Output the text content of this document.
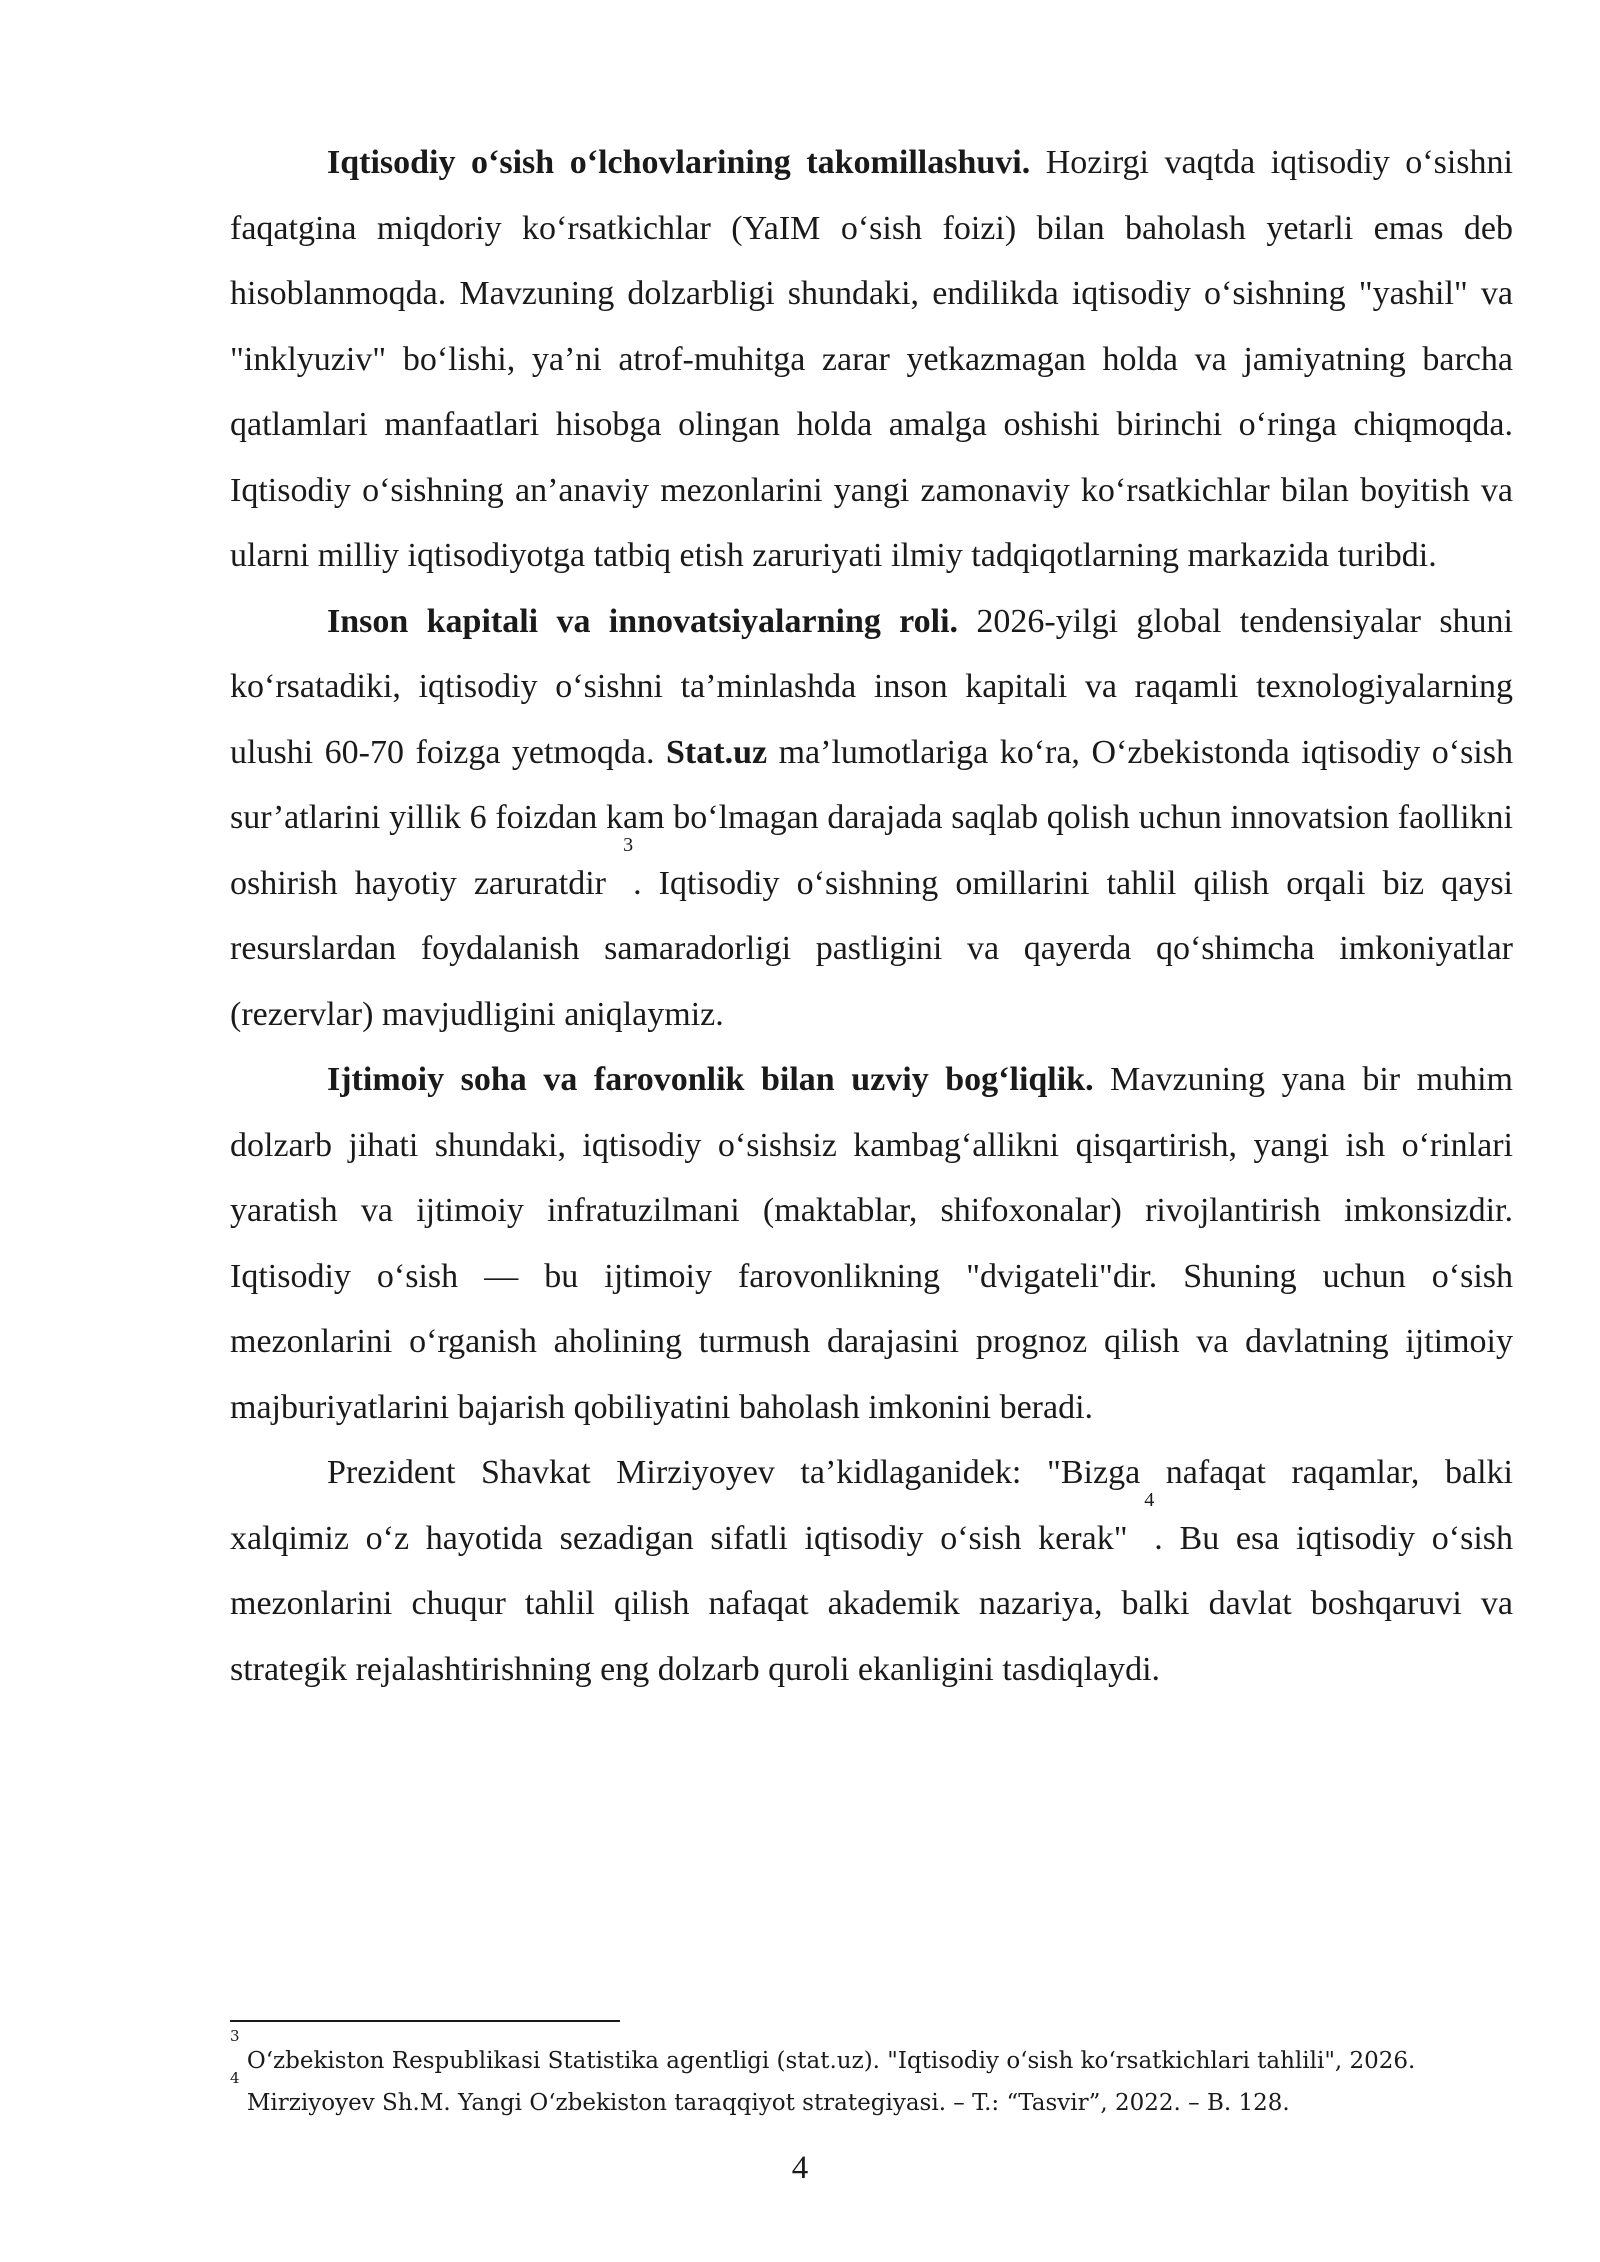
Iqtisodiy oʻsish oʻlchovlarining takomillashuvi. Hozirgi vaqtda iqtisodiy oʻsishni faqatgina miqdoriy koʻrsatkichlar (YaIM oʻsish foizi) bilan baholash yetarli emas deb hisoblanmoqda. Mavzuning dolzarbligi shundaki, endilikda iqtisodiy oʻsishning "yashil" va "inklyuziv" boʻlishi, ya’ni atrof-muhitga zarar yetkazmagan holda va jamiyatning barcha qatlamlari manfaatlari hisobga olingan holda amalga oshishi birinchi oʻringa chiqmoqda. Iqtisodiy oʻsishning an’anaviy mezonlarini yangi zamonaviy koʻrsatkichlar bilan boyitish va ularni milliy iqtisodiyotga tatbiq etish zaruriyati ilmiy tadqiqotlarning markazida turibdi.

Inson kapitali va innovatsiyalarning roli. 2026-yilgi global tendensiyalar shuni koʻrsatadiki, iqtisodiy oʻsishni ta’minlashda inson kapitali va raqamli texnologiyalarning ulushi 60-70 foizga yetmoqda. Stat.uz ma’lumotlariga koʻra, Oʻzbekistonda iqtisodiy oʻsish sur’atlarini yillik 6 foizdan kam boʻlmagan darajada saqlab qolish uchun innovatsion faollikni oshirish hayotiy zaruratdir $^3$. Iqtisodiy oʻsishning omillarini tahlil qilish orqali biz qaysi resurslardan foydalanish samaradorligi pastligini va qayerda qoʻshimcha imkoniyatlar (rezervlar) mavjudligini aniqlaymiz.

Ijtimoiy soha va farovonlik bilan uzviy bogʻliqlik. Mavzuning yana bir muhim dolzarb jihati shundaki, iqtisodiy oʻsishsiz kambagʻallikni qisqartirish, yangi ish oʻrinlari yaratish va ijtimoiy infratuzilmani (maktablar, shifoxonalar) rivojlantirish imkonsizdir. Iqtisodiy oʻsish — bu ijtimoiy farovonlikning "dvigateli"dir. Shuning uchun oʻsish mezonlarini oʻrganish aholining turmush darajasini prognoz qilish va davlatning ijtimoiy majburiyatlarini bajarish qobiliyatini baholash imkonini beradi.

Prezident Shavkat Mirziyoyev ta’kidlaganidek: "Bizga nafaqat raqamlar, balki xalqimiz oʻz hayotida sezadigan sifatli iqtisodiy oʻsish kerak" $^4$. Bu esa iqtisodiy oʻsish mezonlarini chuqur tahlil qilish nafaqat akademik nazariya, balki davlat boshqaruvi va strategik rejalashtirishning eng dolzarb quroli ekanligini tasdiqlaydi.

$^3$ Oʻzbekiston Respublikasi Statistika agentligi (stat.uz). "Iqtisodiy oʻsish koʻrsatkichlari tahlili", 2026.

$^4$ Mirziyoyev Sh.M. Yangi Oʻzbekiston taraqqiyot strategiyasi. – T.: “Tasvir”, 2022. – B. 128.

4
